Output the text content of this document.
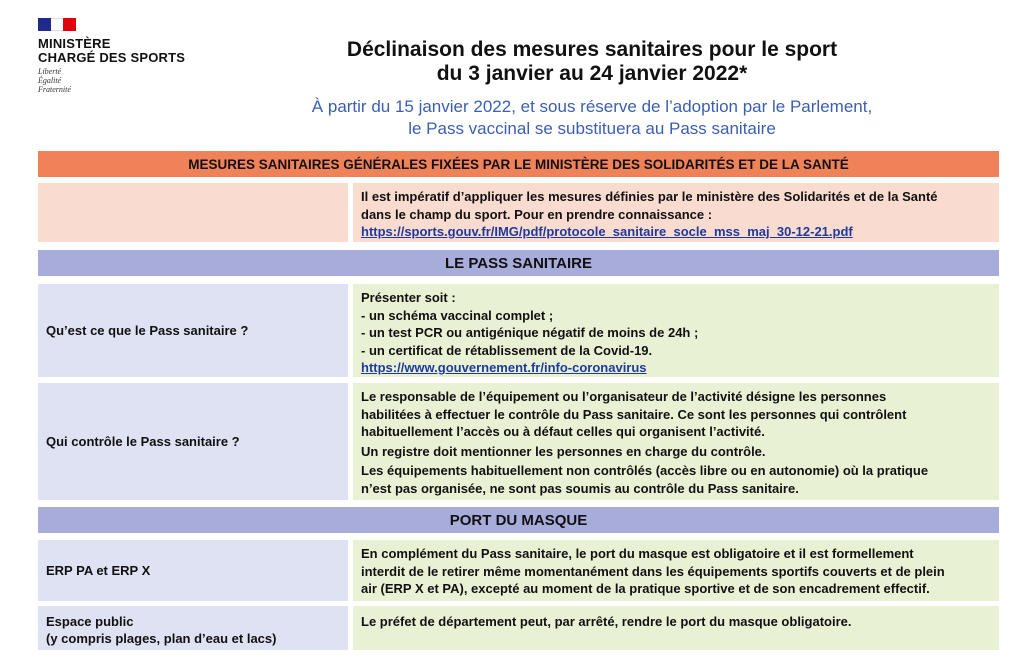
MINISTÈRE
CHARGÉ DES SPORTS
Liberté
Égalité
Fraternité
Déclinaison des mesures sanitaires pour le sport
du 3 janvier au 24 janvier 2022*
À partir du 15 janvier 2022, et sous réserve de l’adoption par le Parlement,
le Pass vaccinal se substituera au Pass sanitaire
MESURES SANITAIRES GÉNÉRALES FIXÉES PAR LE MINISTÈRE DES SOLIDARITÉS ET DE LA SANTÉ
Il est impératif d’appliquer les mesures définies par le ministère des Solidarités et de la Santé
dans le champ du sport. Pour en prendre connaissance :
https://sports.gouv.fr/IMG/pdf/protocole_sanitaire_socle_mss_maj_30-12-21.pdf
LE PASS SANITAIRE
Qu’est ce que le Pass sanitaire ?
Présenter soit :
- un schéma vaccinal complet ;
- un test PCR ou antigénique négatif de moins de 24h ;
- un certificat de rétablissement de la Covid-19.
https://www.gouvernement.fr/info-coronavirus
Qui contrôle le Pass sanitaire ?
Le responsable de l’équipement ou l’organisateur de l’activité désigne les personnes
habilitées à effectuer le contrôle du Pass sanitaire. Ce sont les personnes qui contrôlent
habituellement l’accès ou à défaut celles qui organisent l’activité.
Un registre doit mentionner les personnes en charge du contrôle.
Les équipements habituellement non contrôlés (accès libre ou en autonomie) où la pratique
n’est pas organisée, ne sont pas soumis au contrôle du Pass sanitaire.
PORT DU MASQUE
ERP PA et ERP X
En complément du Pass sanitaire, le port du masque est obligatoire et il est formellement
interdit de le retirer même momentanément dans les équipements sportifs couverts et de plein
air (ERP X et PA), excepté au moment de la pratique sportive et de son encadrement effectif.
Espace public
(y compris plages, plan d’eau et lacs)
Le préfet de département peut, par arrêté, rendre le port du masque obligatoire.
